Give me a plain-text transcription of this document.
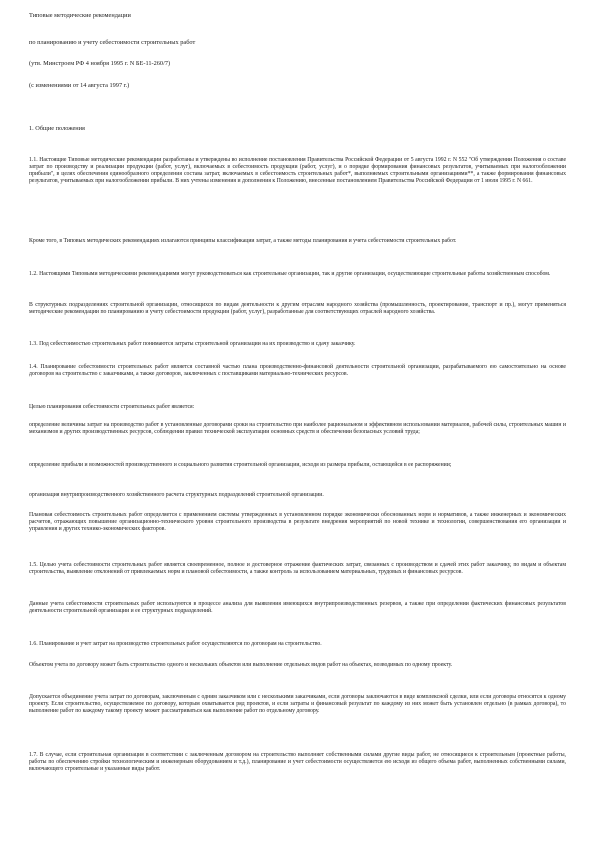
Типовые методические рекомендации
по планированию и учету себестоимости строительных работ
(утв. Минстроем РФ 4 ноября 1995 г. N БЕ-11-260/7)
(с изменениями от 14 августа 1997 г.)
1. Общие положения

1.1. Настоящие Типовые методические рекомендации разработаны и утверждены во исполнение постановления Правительства Российской Федерации от 5 августа 1992 г. N 552 "Об утверждении Положения о составе затрат по производству и реализации продукции (работ, услуг), включаемых в себестоимость продукции (работ, услуг), и о порядке формирования финансовых результатов, учитываемых при налогообложении прибыли", в целях обеспечения единообразного определения состава затрат, включаемых в себестоимость строительных работ*, выполняемых строительными организациями**, а также формирования финансовых результатов, учитываемых при налогообложении прибыли. В них учтены изменения и дополнения к Положению, внесенные постановлением Правительства Российской Федерации от 1 июля 1995 г. N 661.

Кроме того, в Типовых методических рекомендациях излагаются принципы классификации затрат, а также методы планирования и учета себестоимости строительных работ.

1.2. Настоящими Типовыми методическими рекомендациями могут руководствоваться как строительные организации, так и другие организации, осуществляющие строительные работы хозяйственным способом.

В структурных подразделениях строительной организации, относящихся по видам деятельности к другим отраслям народного хозяйства (промышленность, проектирование, транспорт и пр.), могут применяться методические рекомендации по планированию и учету себестоимости продукции (работ, услуг), разработанные для соответствующих отраслей народного хозяйства.

1.3. Под себестоимостью строительных работ понимаются затраты строительной организации на их производство и сдачу заказчику.

1.4. Планирование себестоимости строительных работ является составной частью плана производственно-финансовой деятельности строительной организации, разрабатываемого ею самостоятельно на основе договоров на строительство с заказчиками, а также договоров, заключенных с поставщиками материально-технических ресурсов.

Целью планирования себестоимости строительных работ является:

определение величины затрат на производство работ в установленные договорами сроки на строительство при наиболее рациональном и эффективном использовании материалов, рабочей силы, строительных машин и механизмов и других производственных ресурсов, соблюдении правил технической эксплуатации основных средств и обеспечении безопасных условий труда;

определение прибыли и возможностей производственного и социального развития строительной организации, исходя из размера прибыли, остающейся в ее распоряжении;

организация внутрипроизводственного хозяйственного расчета структурных подразделений строительной организации.

Плановая себестоимость строительных работ определяется с применением системы утвержденных в установленном порядке экономически обоснованных норм и нормативов, а также инженерных и экономических расчетов, отражающих повышение организационно-технического уровня строительного производства в результате внедрения мероприятий по новой технике и технологии, совершенствования его организации и управления и других технико-экономических факторов.

1.5. Целью учета себестоимости строительных работ является своевременное, полное и достоверное отражение фактических затрат, связанных с производством и сдачей этих работ заказчику, по видам и объектам строительства, выявление отклонений от привлекаемых норм и плановой себестоимости, а также контроль за использованием материальных, трудовых и финансовых ресурсов.

Данные учета себестоимости строительных работ используются в процессе анализа для выявления имеющихся внутрипроизводственных резервов, а также при определении фактических финансовых результатов деятельности строительной организации и ее структурных подразделений.

1.6. Планирование и учет затрат на производство строительных работ осуществляются по договорам на строительство.

Объектом учета по договору может быть строительство одного и нескольких объектов или выполнение отдельных видов работ на объектах, возводимых по одному проекту.

Допускается объединение учета затрат по договорам, заключенным с одним заказчиком или с несколькими заказчиками, если договоры заключаются в виде комплексной сделки, или если договоры относятся к одному проекту. Если строительство, осуществляемое по договору, которым охватывается ряд проектов, и если затраты и финансовый результат по каждому из них может быть установлен отдельно (в рамках договора), то выполнение работ по каждому такому проекту может рассматриваться как выполнение работ по отдельному договору.

1.7. В случае, если строительная организация в соответствии с заключенным договором на строительство выполняет собственными силами другие виды работ, не относящиеся к строительным (проектные работы, работы по обеспечению стройки технологическим и инженерным оборудованием и т.д.), планирование и учет себестоимости осуществляется ею исходя из общего объема работ, выполненных собственными силами, включающего строительные и указанные виды работ.
